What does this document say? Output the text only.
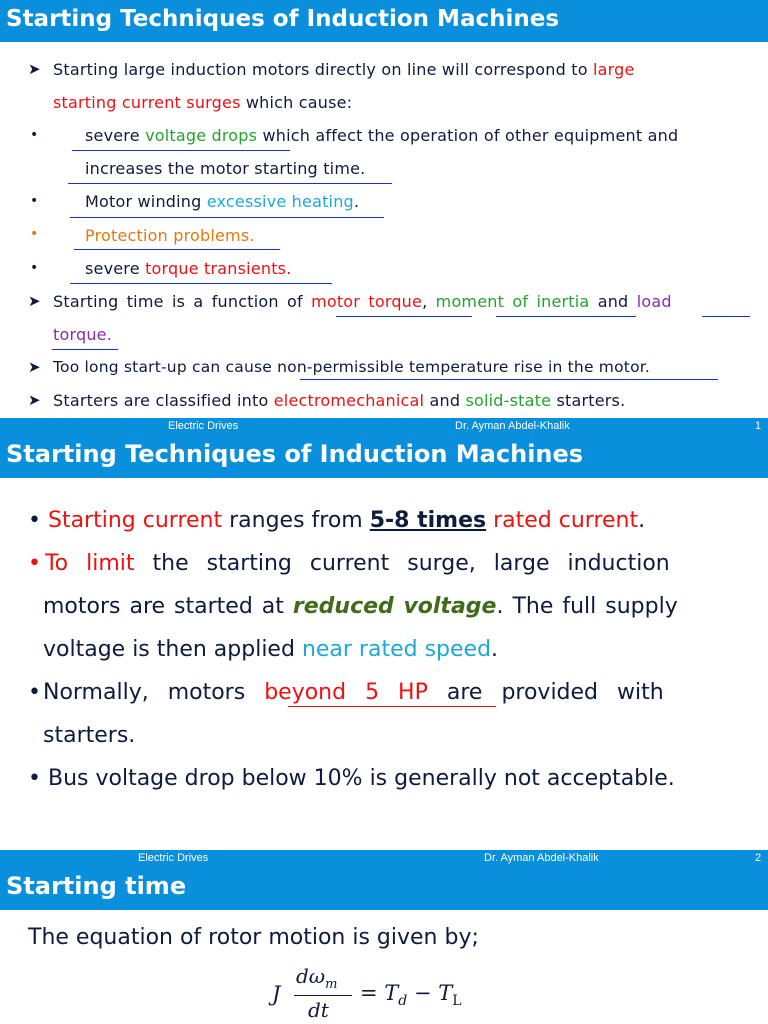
Starting Techniques of Induction Machines
➤ Starting large induction motors directly on line will correspond to large
starting current surges which cause:
•	severe voltage drops which affect the operation of other equipment and
increases the motor starting time.
•	Motor winding excessive heating.
•	Protection problems.
•	severe torque transients.
➤ Starting time is a function of motor torque, moment of inertia and load
torque.
➤ Too long start-up can cause non-permissible temperature rise in the motor.
➤ Starters are classified into electromechanical and solid-state starters.
Electric Drives	Dr. Ayman Abdel-Khalik	1
Starting Techniques of Induction Machines
• Starting current ranges from 5-8 times rated current.
• To limit the starting current surge, large induction
motors are started at reduced voltage. The full supply
voltage is then applied near rated speed.
•Normally, motors beyond 5 HP are provided with
starters.
• Bus voltage drop below 10% is generally not acceptable.
Electric Drives	Dr. Ayman Abdel-Khalik	2
Starting time
The equation of rotor motion is given by;
J
$d\omega_m$
dt
= $T_d - T_L$
